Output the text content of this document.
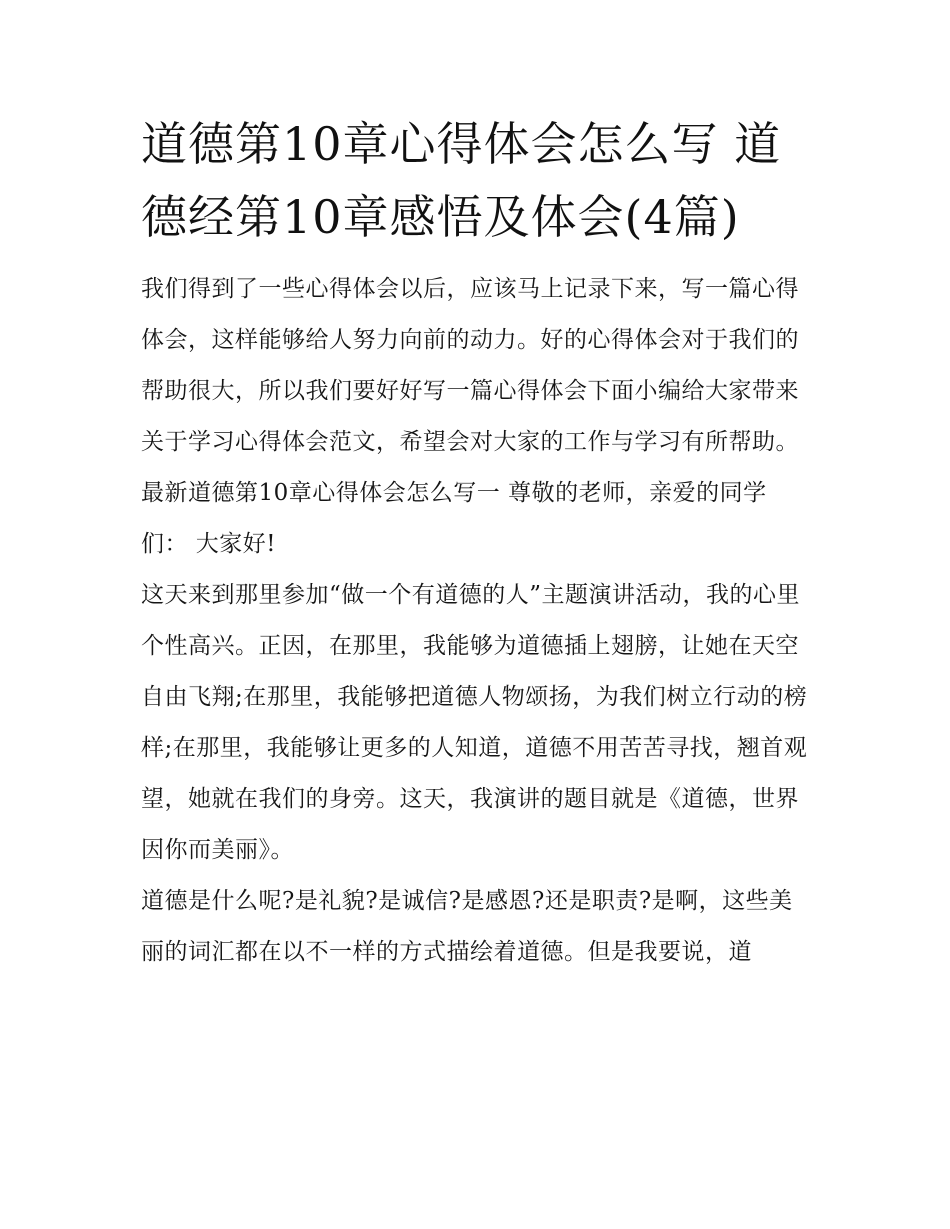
道德第10章心得体会怎么写 道德经第10章感悟及体会(4篇)

我们得到了一些心得体会以后，应该马上记录下来，写一篇心得体会，这样能够给人努力向前的动力。好的心得体会对于我们的帮助很大，所以我们要好好写一篇心得体会下面小编给大家带来关于学习心得体会范文，希望会对大家的工作与学习有所帮助。

最新道德第10章心得体会怎么写一 尊敬的老师，亲爱的同学们： 大家好!

这天来到那里参加“做一个有道德的人”主题演讲活动，我的心里个性高兴。正因，在那里，我能够为道德插上翅膀，让她在天空自由飞翔;在那里，我能够把道德人物颂扬，为我们树立行动的榜样;在那里，我能够让更多的人知道，道德不用苦苦寻找，翘首观望，她就在我们的身旁。这天，我演讲的题目就是《道德，世界因你而美丽》。

道德是什么呢?是礼貌?是诚信?是感恩?还是职责?是啊，这些美丽的词汇都在以不一样的方式描绘着道德。但是我要说，道
